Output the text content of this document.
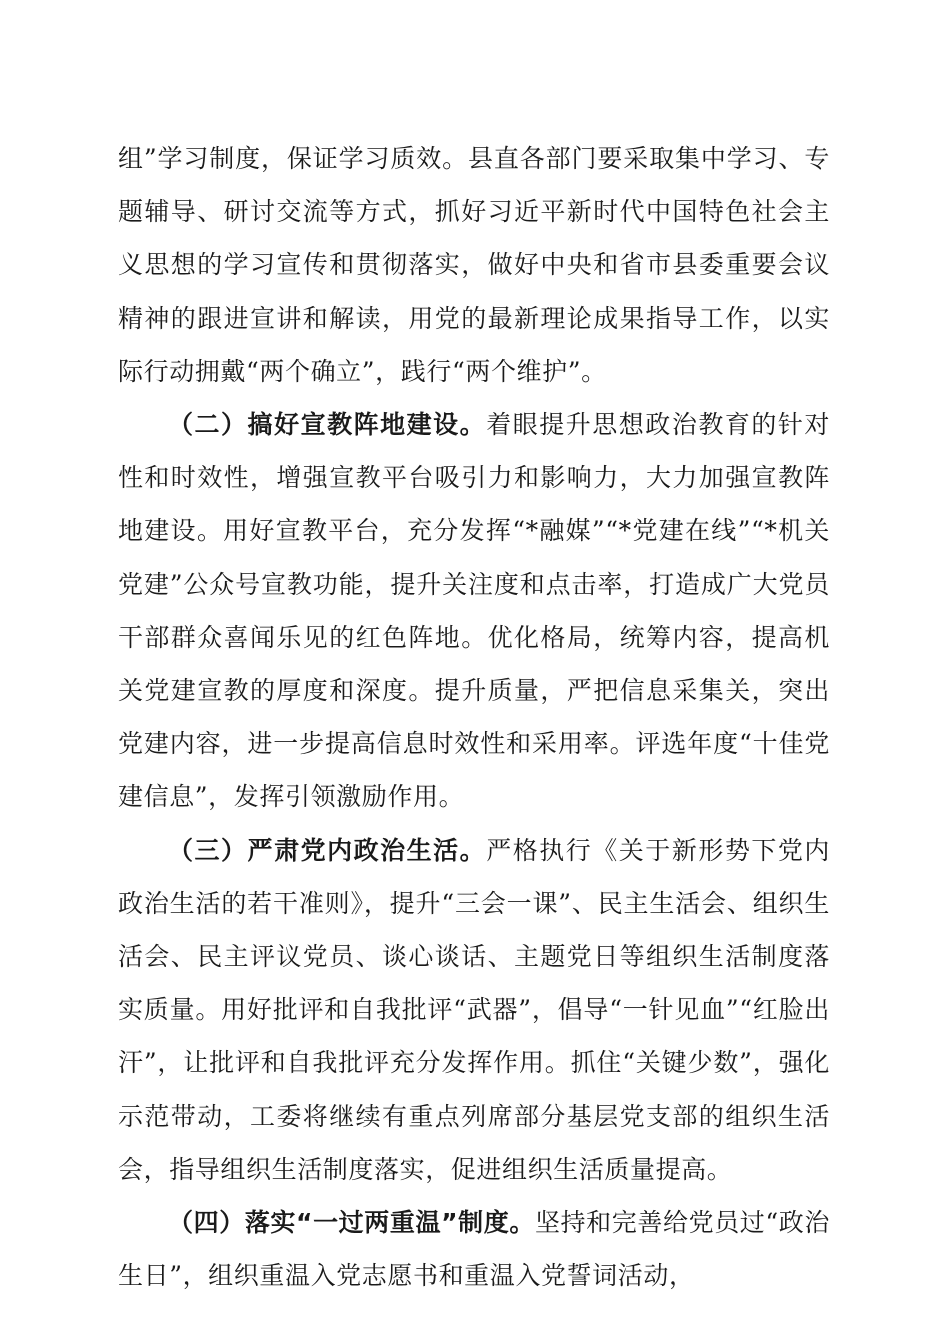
组”学习制度，保证学习质效。县直各部门要采取集中学习、专题辅导、研讨交流等方式，抓好习近平新时代中国特色社会主义思想的学习宣传和贯彻落实，做好中央和省市县委重要会议精神的跟进宣讲和解读，用党的最新理论成果指导工作，以实际行动拥戴“两个确立”，践行“两个维护”。

（二）搞好宣教阵地建设。着眼提升思想政治教育的针对性和时效性，增强宣教平台吸引力和影响力，大力加强宣教阵地建设。用好宣教平台，充分发挥“*融媒”“*党建在线”“*机关党建”公众号宣教功能，提升关注度和点击率，打造成广大党员干部群众喜闻乐见的红色阵地。优化格局，统筹内容，提高机关党建宣教的厚度和深度。提升质量，严把信息采集关，突出党建内容，进一步提高信息时效性和采用率。评选年度“十佳党建信息”，发挥引领激励作用。

（三）严肃党内政治生活。严格执行《关于新形势下党内政治生活的若干准则》，提升“三会一课”、民主生活会、组织生活会、民主评议党员、谈心谈话、主题党日等组织生活制度落实质量。用好批评和自我批评“武器”，倡导“一针见血”“红脸出汗”，让批评和自我批评充分发挥作用。抓住“关键少数”，强化示范带动，工委将继续有重点列席部分基层党支部的组织生活会，指导组织生活制度落实，促进组织生活质量提高。

（四）落实“一过两重温”制度。坚持和完善给党员过“政治生日”，组织重温入党志愿书和重温入党誓词活动，
